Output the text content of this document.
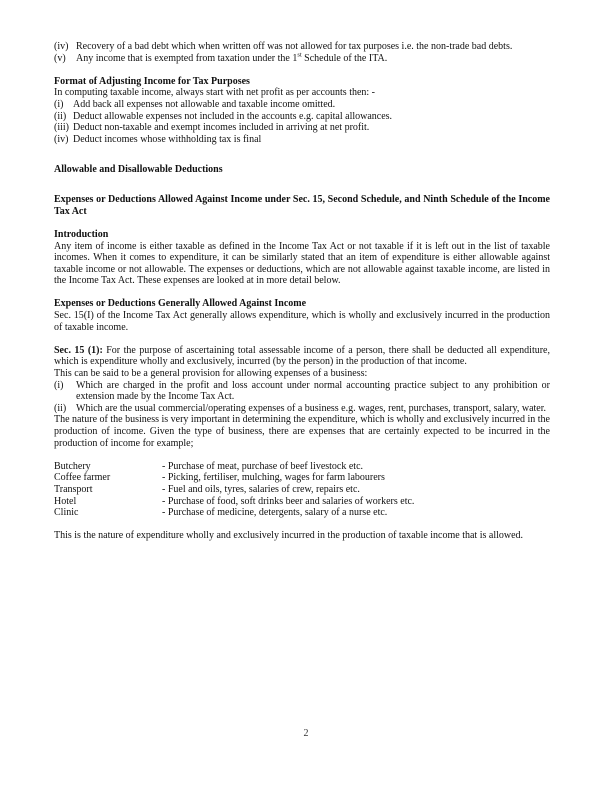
(iv) Recovery of a bad debt which when written off was not allowed for tax purposes i.e. the non-trade bad debts.
(v)	Any income that is exempted from taxation under the 1st Schedule of the ITA.

Format of Adjusting Income for Tax Purposes

In computing taxable income, always start with net profit as per accounts then: -

(i) Add back all expenses not allowable and taxable income omitted.
(ii) Deduct allowable expenses not included in the accounts e.g. capital allowances.
(iii) Deduct non-taxable and exempt incomes included in arriving at net profit.
(iv) Deduct incomes whose withholding tax is final

Allowable and Disallowable Deductions

Expenses or Deductions Allowed Against Income under Sec. 15, Second Schedule, and Ninth Schedule of the Income Tax Act

Introduction

Any item of income is either taxable as defined in the Income Tax Act or not taxable if it is left out in the list of taxable incomes. When it comes to expenditure, it can be similarly stated that an item of expenditure is either allowable against taxable income or not allowable. The expenses or deductions, which are not allowable against taxable income, are listed in the Income Tax Act. These expenses are looked at in more detail below.

Expenses or Deductions Generally Allowed Against Income

Sec. 15(I) of the Income Tax Act generally allows expenditure, which is wholly and exclusively incurred in the production of taxable income.

Sec. 15 (1): For the purpose of ascertaining total assessable income of a person, there shall be deducted all expenditure, which is expenditure wholly and exclusively, incurred (by the person) in the production of that income.

This can be said to be a general provision for allowing expenses of a business:

(i)	Which are charged in the profit and loss account under normal accounting practice subject to any prohibition or extension made by the Income Tax Act.
(ii) Which are the usual commercial/operating expenses of a business e.g. wages, rent, purchases, transport, salary, water.

The nature of the business is very important in determining the expenditure, which is wholly and exclusively incurred in the production of income. Given the type of business, there are expenses that are certainly expected to be incurred in the production of income for example;

Butchery	- Purchase of meat, purchase of beef livestock etc.
Coffee farmer	- Picking, fertiliser, mulching, wages for farm labourers
Transport	- Fuel and oils, tyres, salaries of crew, repairs etc.
Hotel	- Purchase of food, soft drinks beer and salaries of workers etc.
Clinic	- Purchase of medicine, detergents, salary of a nurse etc.

This is the nature of expenditure wholly and exclusively incurred in the production of taxable income that is allowed.

2
